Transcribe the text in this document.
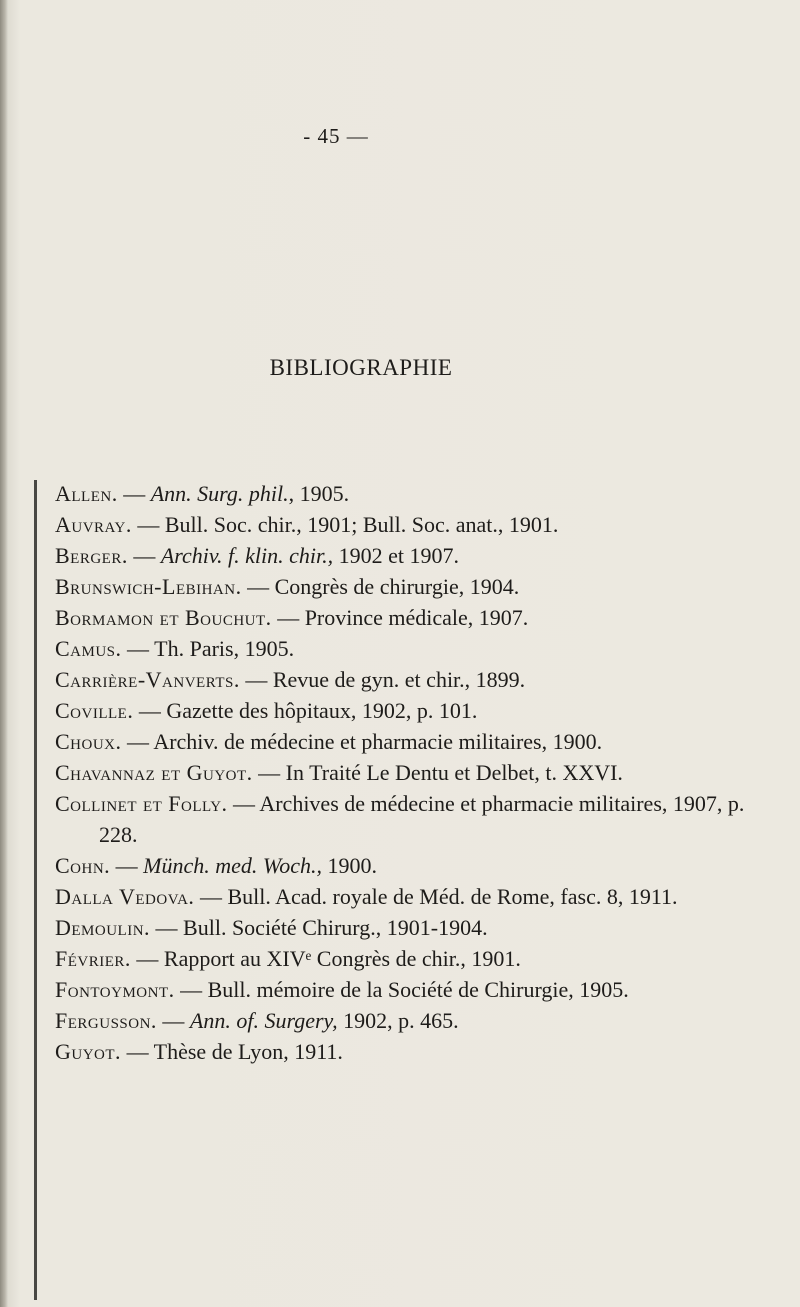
- 45 —
BIBLIOGRAPHIE

Allen. — Ann. Surg. phil., 1905.

Auvray. — Bull. Soc. chir., 1901; Bull. Soc. anat., 1901.

Berger. — Archiv. f. klin. chir., 1902 et 1907.

Brunswich-Lebihan. — Congrès de chirurgie, 1904.

Bormamon et Bouchut. — Province médicale, 1907.

Camus. — Th. Paris, 1905.

Carrière-Vanverts. — Revue de gyn. et chir., 1899.

Coville. — Gazette des hôpitaux, 1902, p. 101.

Choux. — Archiv. de médecine et pharmacie militaires, 1900.

Chavannaz et Guyot. — In Traité Le Dentu et Delbet, t. XXVI.

Collinet et Folly. — Archives de médecine et pharmacie militaires, 1907, p. 228.

Cohn. — Münch. med. Woch., 1900.

Dalla Vedova. — Bull. Acad. royale de Méd. de Rome, fasc. 8, 1911.

Demoulin. — Bull. Société Chirurg., 1901-1904.

Février. — Rapport au XIVᵉ Congrès de chir., 1901.

Fontoymont. — Bull. mémoire de la Société de Chirurgie, 1905.

Fergusson. — Ann. of. Surgery, 1902, p. 465.

Guyot. — Thèse de Lyon, 1911.
